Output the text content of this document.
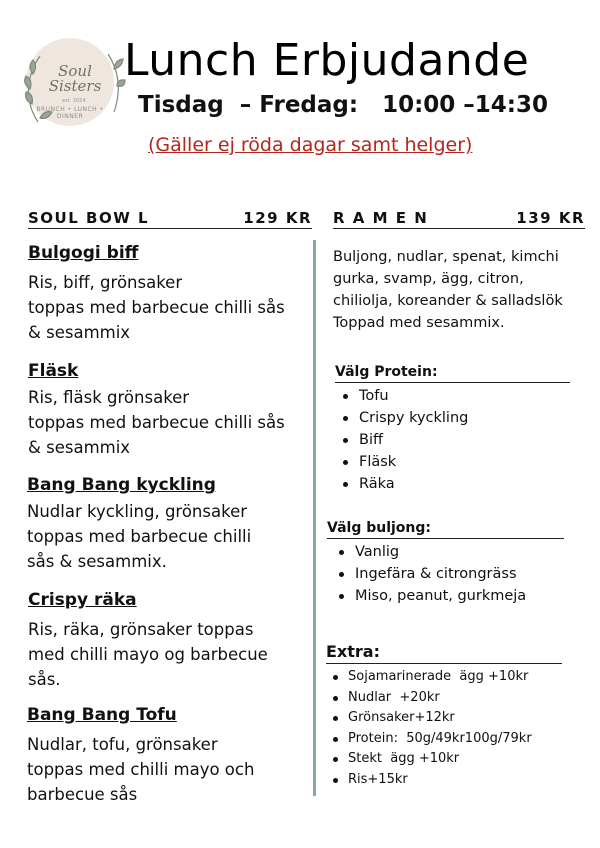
Soul
Sisters
est. 2024
BRUNCH • LUNCH • DINNER
Lunch Erbjudande
Tisdag  – Fredag:   10:00 –14:30
(Gäller ej röda dagar samt helger)
SOUL BOW L	129 KR R A M E N	139 KR
Bulgogi biff
Ris, biff, grönsaker
toppas med barbecue chilli sås
& sesammix
Fläsk
Ris, fläsk grönsaker
toppas med barbecue chilli sås
& sesammix
Bang Bang kyckling
Nudlar kyckling, grönsaker
toppas med barbecue chilli
sås & sesammix.
Crispy räka
Ris, räka, grönsaker toppas
med chilli mayo og barbecue
sås.
Bang Bang Tofu
Nudlar, tofu, grönsaker
toppas med chilli mayo och
barbecue sås
Buljong, nudlar, spenat, kimchi
gurka, svamp, ägg, citron,
chiliolja, koreander & salladslök
Toppad med sesammix.
Välg Protein:
Tofu
Crispy kyckling
Biff
Fläsk
Räka
Välg buljong:
Vanlig
Ingefära & citrongräss
Miso, peanut, gurkmeja
Extra:
Sojamarinerade  ägg +10kr
Nudlar  +20kr
Grönsaker+12kr
Protein:  50g/49kr100g/79kr
Stekt  ägg +10kr
Ris+15kr
